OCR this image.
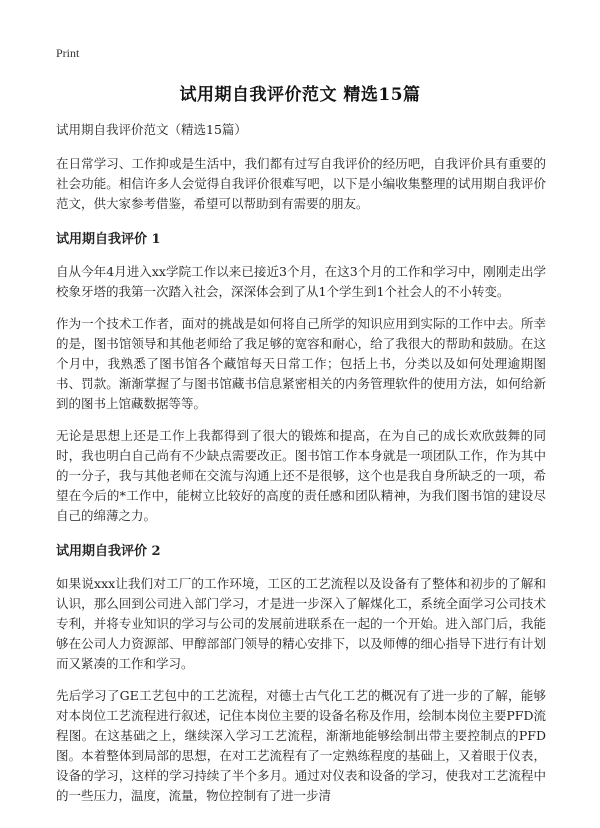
Print
试用期自我评价范文 精选15篇
试用期自我评价范文（精选15篇）

在日常学习、工作抑或是生活中，我们都有过写自我评价的经历吧，自我评价具有重要的社会功能。相信许多人会觉得自我评价很难写吧，以下是小编收集整理的试用期自我评价范文，供大家参考借鉴，希望可以帮助到有需要的朋友。

试用期自我评价 1

自从今年4月进入xx学院工作以来已接近3个月，在这3个月的工作和学习中，刚刚走出学校象牙塔的我第一次踏入社会，深深体会到了从1个学生到1个社会人的不小转变。

作为一个技术工作者，面对的挑战是如何将自己所学的知识应用到实际的工作中去。所幸的是，图书馆领导和其他老师给了我足够的宽容和耐心，给了我很大的帮助和鼓励。在这个月中，我熟悉了图书馆各个藏馆每天日常工作；包括上书，分类以及如何处理逾期图书、罚款。渐渐掌握了与图书馆藏书信息紧密相关的内务管理软件的使用方法，如何给新到的图书上馆藏数据等等。

无论是思想上还是工作上我都得到了很大的锻炼和提高，在为自己的成长欢欣鼓舞的同时，我也明白自己尚有不少缺点需要改正。图书馆工作本身就是一项团队工作，作为其中的一分子，我与其他老师在交流与沟通上还不是很够，这个也是我自身所缺乏的一项，希望在今后的*工作中，能树立比较好的高度的责任感和团队精神，为我们图书馆的建设尽自己的绵薄之力。

试用期自我评价 2

如果说xxx让我们对工厂的工作环境，工区的工艺流程以及设备有了整体和初步的了解和认识，那么回到公司进入部门学习，才是进一步深入了解煤化工，系统全面学习公司技术专利，并将专业知识的学习与公司的发展前进联系在一起的一个开始。进入部门后，我能够在公司人力资源部、甲醇部部门领导的精心安排下，以及师傅的细心指导下进行有计划而又紧凑的工作和学习。

先后学习了GE工艺包中的工艺流程，对德士古气化工艺的概况有了进一步的了解，能够对本岗位工艺流程进行叙述，记住本岗位主要的设备名称及作用，绘制本岗位主要PFD流程图。在这基础之上，继续深入学习工艺流程，渐渐地能够绘制出带主要控制点的PFD图。本着整体到局部的思想，在对工艺流程有了一定熟练程度的基础上，又着眼于仪表，设备的学习，这样的学习持续了半个多月。通过对仪表和设备的学习，使我对工艺流程中的一些压力，温度，流量，物位控制有了进一步清
